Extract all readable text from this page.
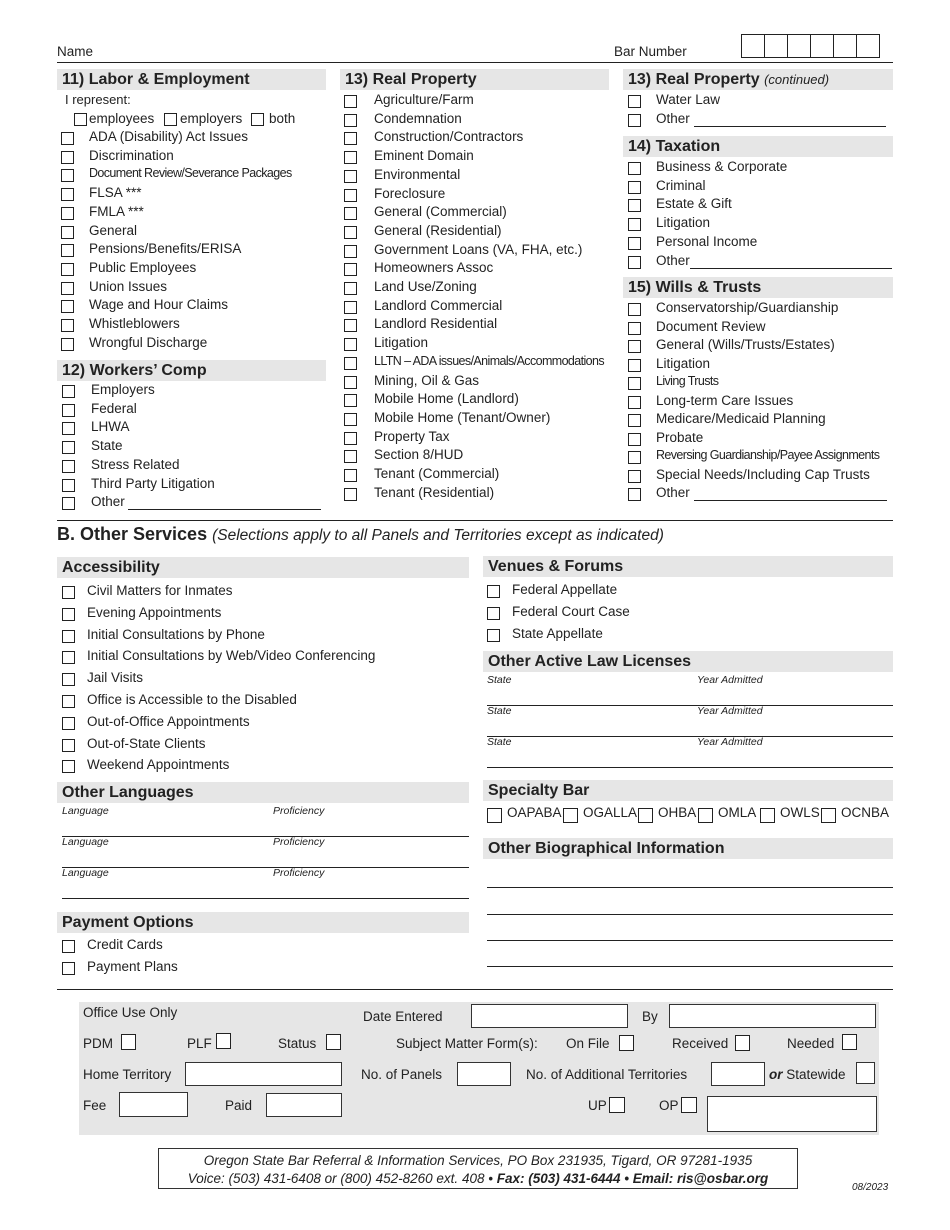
Name	Bar Number
11) Labor & Employment
I represent:
employees employers both
ADA (Disability) Act Issues
Discrimination
Document Review/Severance Packages
FLSA ***
FMLA ***
General
Pensions/Benefits/ERISA
Public Employees
Union Issues
Wage and Hour Claims
Whistleblowers
Wrongful Discharge
12) Workers’ Comp
Employers
Federal
LHWA
State
Stress Related
Third Party Litigation
Other
13) Real Property
Agriculture/Farm
Condemnation
Construction/Contractors
Eminent Domain
Environmental
Foreclosure
General (Commercial)
General (Residential)
Government Loans (VA, FHA, etc.)
Homeowners Assoc
Land Use/Zoning
Landlord Commercial
Landlord Residential
Litigation
LLTN – ADA issues/Animals/Accommodations
Mining, Oil & Gas
Mobile Home (Landlord)
Mobile Home (Tenant/Owner)
Property Tax
Section 8/HUD
Tenant (Commercial)
Tenant (Residential)
13) Real Property (continued)
Water Law
Other
14) Taxation
Business & Corporate
Criminal
Estate & Gift
Litigation
Personal Income
Other
15) Wills & Trusts
Conservatorship/Guardianship
Document Review
General (Wills/Trusts/Estates)
Litigation
Living Trusts
Long-term Care Issues
Medicare/Medicaid Planning
Probate
Reversing Guardianship/Payee Assignments
Special Needs/Including Cap Trusts
Other
B. Other Services (Selections apply to all Panels and Territories except as indicated)
Accessibility
Civil Matters for Inmates
Evening Appointments
Initial Consultations by Phone
Initial Consultations by Web/Video Conferencing
Jail Visits
Office is Accessible to the Disabled
Out-of-Office Appointments
Out-of-State Clients
Weekend Appointments
Other Languages
Language	Proficiency
Language	Proficiency
Language	Proficiency
Payment Options
Credit Cards
Payment Plans
Venues & Forums
Federal Appellate
Federal Court Case
State Appellate
Other Active Law Licenses
State	Year Admitted
State	Year Admitted
State	Year Admitted
Specialty Bar
OAPABA OGALLA OHBA OMLA OWLS OCNBA
Other Biographical Information
Office Use Only	Date Entered	By
PDM	PLF	Status	Subject Matter Form(s): On File	Received	Needed
Home Territory	No. of Panels	No. of Additional Territories	or Statewide
Fee	Paid	UP	OP
Oregon State Bar Referral & Information Services, PO Box 231935, Tigard, OR 97281-1935
Voice: (503) 431-6408 or (800) 452-8260 ext. 408 • Fax: (503) 431-6444 • Email: ris@osbar.org
08/2023
